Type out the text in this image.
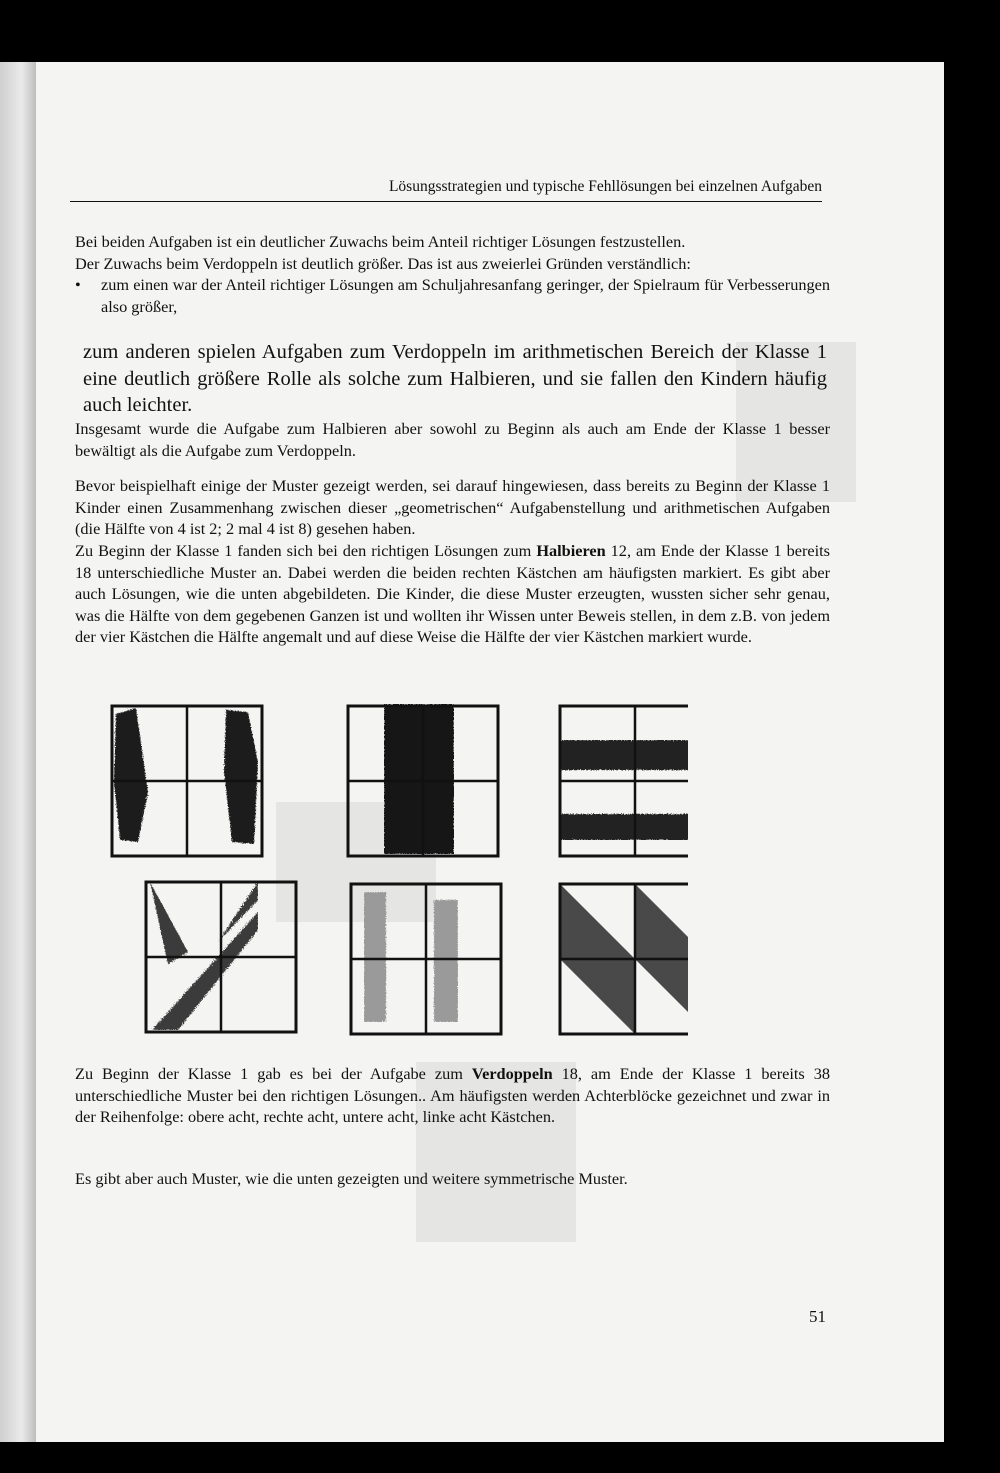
Lösungsstrategien und typische Fehllösungen bei einzelnen Aufgaben

Bei beiden Aufgaben ist ein deutlicher Zuwachs beim Anteil richtiger Lösungen festzustellen.

Der Zuwachs beim Verdoppeln ist deutlich größer. Das ist aus zweierlei Gründen verständlich:

• zum einen war der Anteil richtiger Lösungen am Schuljahresanfang geringer, der Spielraum für Verbesserungen also größer,

zum anderen spielen Aufgaben zum Verdoppeln im arithmetischen Bereich der Klasse 1 eine deutlich größere Rolle als solche zum Halbieren, und sie fallen den Kindern häufig auch leichter.

Insgesamt wurde die Aufgabe zum Halbieren aber sowohl zu Beginn als auch am Ende der Klasse 1 besser bewältigt als die Aufgabe zum Verdoppeln.

Bevor beispielhaft einige der Muster gezeigt werden, sei darauf hingewiesen, dass bereits zu Beginn der Klasse 1 Kinder einen Zusammenhang zwischen dieser „geometrischen“ Aufgabenstellung und arithmetischen Aufgaben (die Hälfte von 4 ist 2; 2 mal 4 ist 8) gesehen haben.

Zu Beginn der Klasse 1 fanden sich bei den richtigen Lösungen zum Halbieren 12, am Ende der Klasse 1 bereits 18 unterschiedliche Muster an. Dabei werden die beiden rechten Kästchen am häufigsten markiert. Es gibt aber auch Lösungen, wie die unten abgebildeten. Die Kinder, die diese Muster erzeugten, wussten sicher sehr genau, was die Hälfte von dem gegebenen Ganzen ist und wollten ihr Wissen unter Beweis stellen, in dem z.B. von jedem der vier Kästchen die Hälfte angemalt und auf diese Weise die Hälfte der vier Kästchen markiert wurde.

Zu Beginn der Klasse 1 gab es bei der Aufgabe zum Verdoppeln 18, am Ende der Klasse 1 bereits 38 unterschiedliche Muster bei den richtigen Lösungen.. Am häufigsten werden Achterblöcke gezeichnet und zwar in der Reihenfolge: obere acht, rechte acht, untere acht, linke acht Kästchen.

Es gibt aber auch Muster, wie die unten gezeigten und weitere symmetrische Muster.

51
